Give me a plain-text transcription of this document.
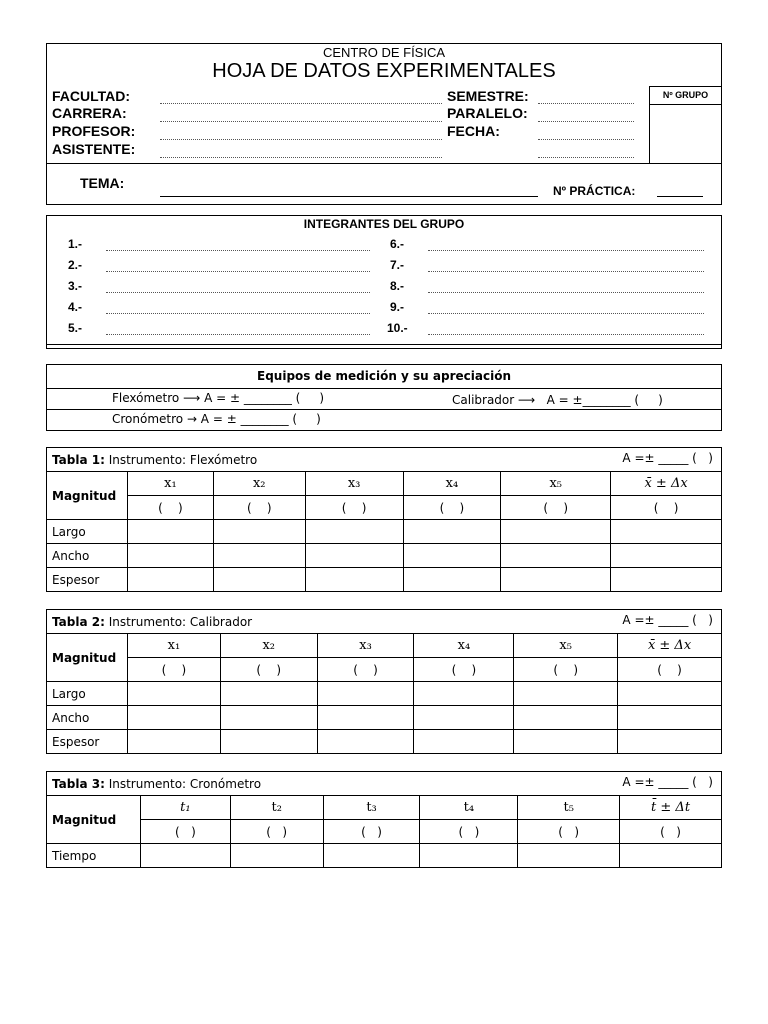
CENTRO DE FÍSICA
HOJA DE DATOS EXPERIMENTALES
FACULTAD:
CARRERA:
PROFESOR:
ASISTENTE:
SEMESTRE:
PARALELO:
FECHA:
Nº GRUPO
TEMA:	Nº PRÁCTICA:
INTEGRANTES DEL GRUPO
1.-
2.-
3.-
4.-
5.-
6.-
7.-
8.-
9.-
10.-
Equipos de medición y su apreciación
Flexómetro ⟶ A = ± ________ (     )	Calibrador ⟶   A = ±________ (     )
Cronómetro → A = ± ________ (     )
Tabla 1: Instrumento: Flexómetro A =± _____ (   )						

Magnitud	x₁	x₂	x₃	x₄	x₅	x̄ ± Δx
	(    )	(    )	(    )	(    )	(    )	(    )
Largo						
Ancho						
Espesor						
Tabla 2: Instrumento: Calibrador A =± _____ (   )						

Magnitud	x₁	x₂	x₃	x₄	x₅	x̄ ± Δx
	(    )	(    )	(    )	(    )	(    )	(    )
Largo						
Ancho						
Espesor						
Tabla 3: Instrumento: Cronómetro A =± _____ (   )						

Magnitud	t₁	t₂	t₃	t₄	t₅	t̄ ± Δt
	(   )	(   )	(   )	(   )	(   )	(   )
Tiempo						
